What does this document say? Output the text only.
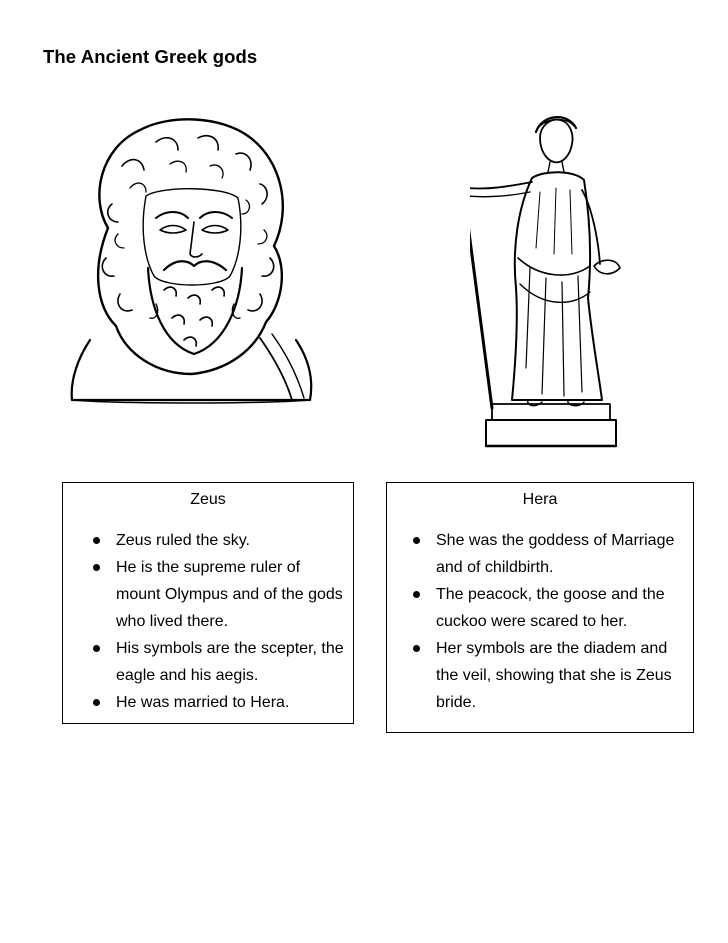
The Ancient Greek gods
Zeus
Zeus ruled the sky.
He is the supreme ruler of mount Olympus and of the gods who lived there.
His symbols are the scepter, the eagle and his aegis.
He was married to Hera.
Hera
She was the goddess of Marriage and of childbirth.
The peacock, the goose and the cuckoo were scared to her.
Her symbols are the diadem and the veil, showing that she is Zeus bride.
